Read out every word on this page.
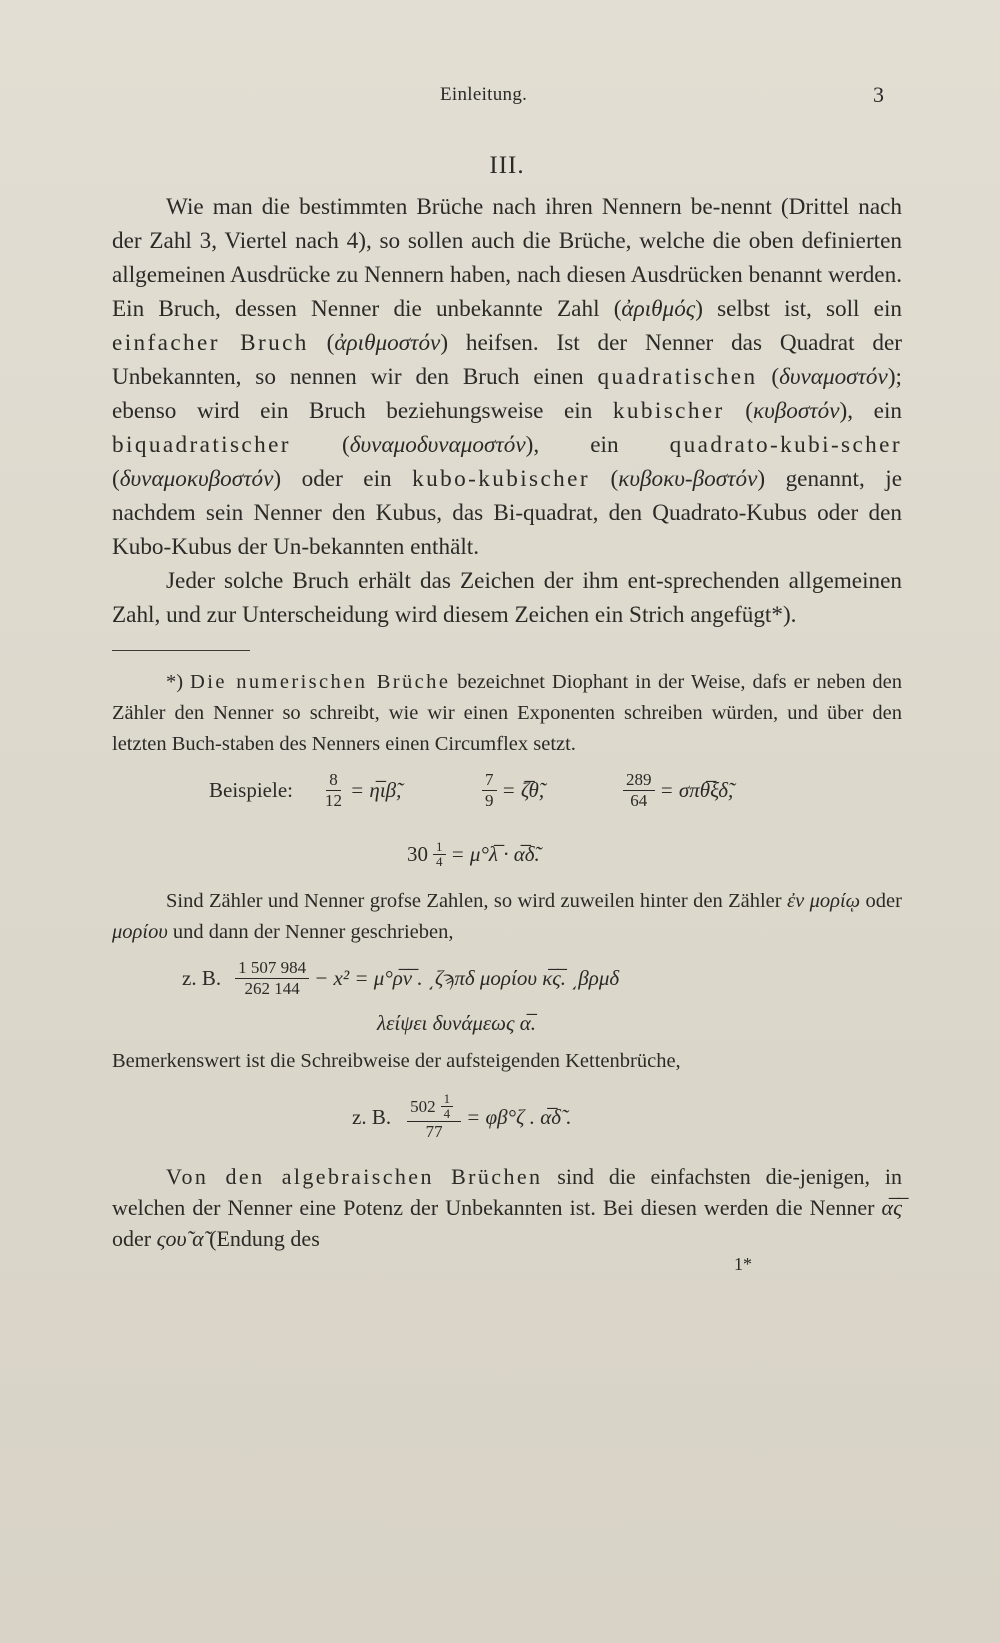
Einleitung.	3
III.

Wie man die bestimmten Brüche nach ihren Nennern be-nennt (Drittel nach der Zahl 3, Viertel nach 4), so sollen auch die Brüche, welche die oben definierten allgemeinen Ausdrücke zu Nennern haben, nach diesen Ausdrücken benannt werden. Ein Bruch, dessen Nenner die unbekannte Zahl (ἀριθμός) selbst ist, soll ein einfacher Bruch (ἀριθμοστόν) heifsen. Ist der Nenner das Quadrat der Unbekannten, so nennen wir den Bruch einen quadratischen (δυναμοστόν); ebenso wird ein Bruch beziehungsweise ein kubischer (κυβοστόν), ein biquadratischer (δυναμοδυναμοστόν), ein quadrato-kubi-scher (δυναμοκυβοστόν) oder ein kubo-kubischer (κυβοκυ-βοστόν) genannt, je nachdem sein Nenner den Kubus, das Bi-quadrat, den Quadrato-Kubus oder den Kubo-Kubus der Un-bekannten enthält.

Jeder solche Bruch erhält das Zeichen der ihm ent-sprechenden allgemeinen Zahl, und zur Unterscheidung wird diesem Zeichen ein Strich angefügt*).

*) Die numerischen Brüche bezeichnet Diophant in der Weise, dafs er neben den Zähler den Nenner so schreibt, wie wir einen Exponenten schreiben würden, und über den letzten Buch-staben des Nenners einen Circumflex setzt.

Beispiele: $\frac{8}{12}$ = η̅ιβ̃,	$\frac{7}{9}$ = ζ̅θ̃,	$\frac{289}{64}$ = σπθ̅ξδ̃,
$30 \frac{1}{4}$ = μ°λ̅ · α̅δ̃.

Sind Zähler und Nenner grofse Zahlen, so wird zuweilen hinter den Zähler ἐν μορίῳ oder μορίου und dann der Nenner geschrieben,

z. B. $\frac{1 507 984}{262 144} - x^2$ = μ°ρ̅ν̅ . ͵ζϡπδ μορίου κ̅ς̅. ͵βρμδ
λείψει δυνάμεως α̅.

Bemerkenswert ist die Schreibweise der aufsteigenden Kettenbrüche,

z. B. $\frac{502 \frac{1}{4}}{77} = \varphi\beta^\circ\zeta$ . α̅δ̃ .

Von den algebraischen Brüchen sind die einfachsten die-jenigen, in welchen der Nenner eine Potenz der Unbekannten ist. Bei diesen werden die Nenner α̅ς̅ oder ςου̃ α̃ (Endung des

1*
